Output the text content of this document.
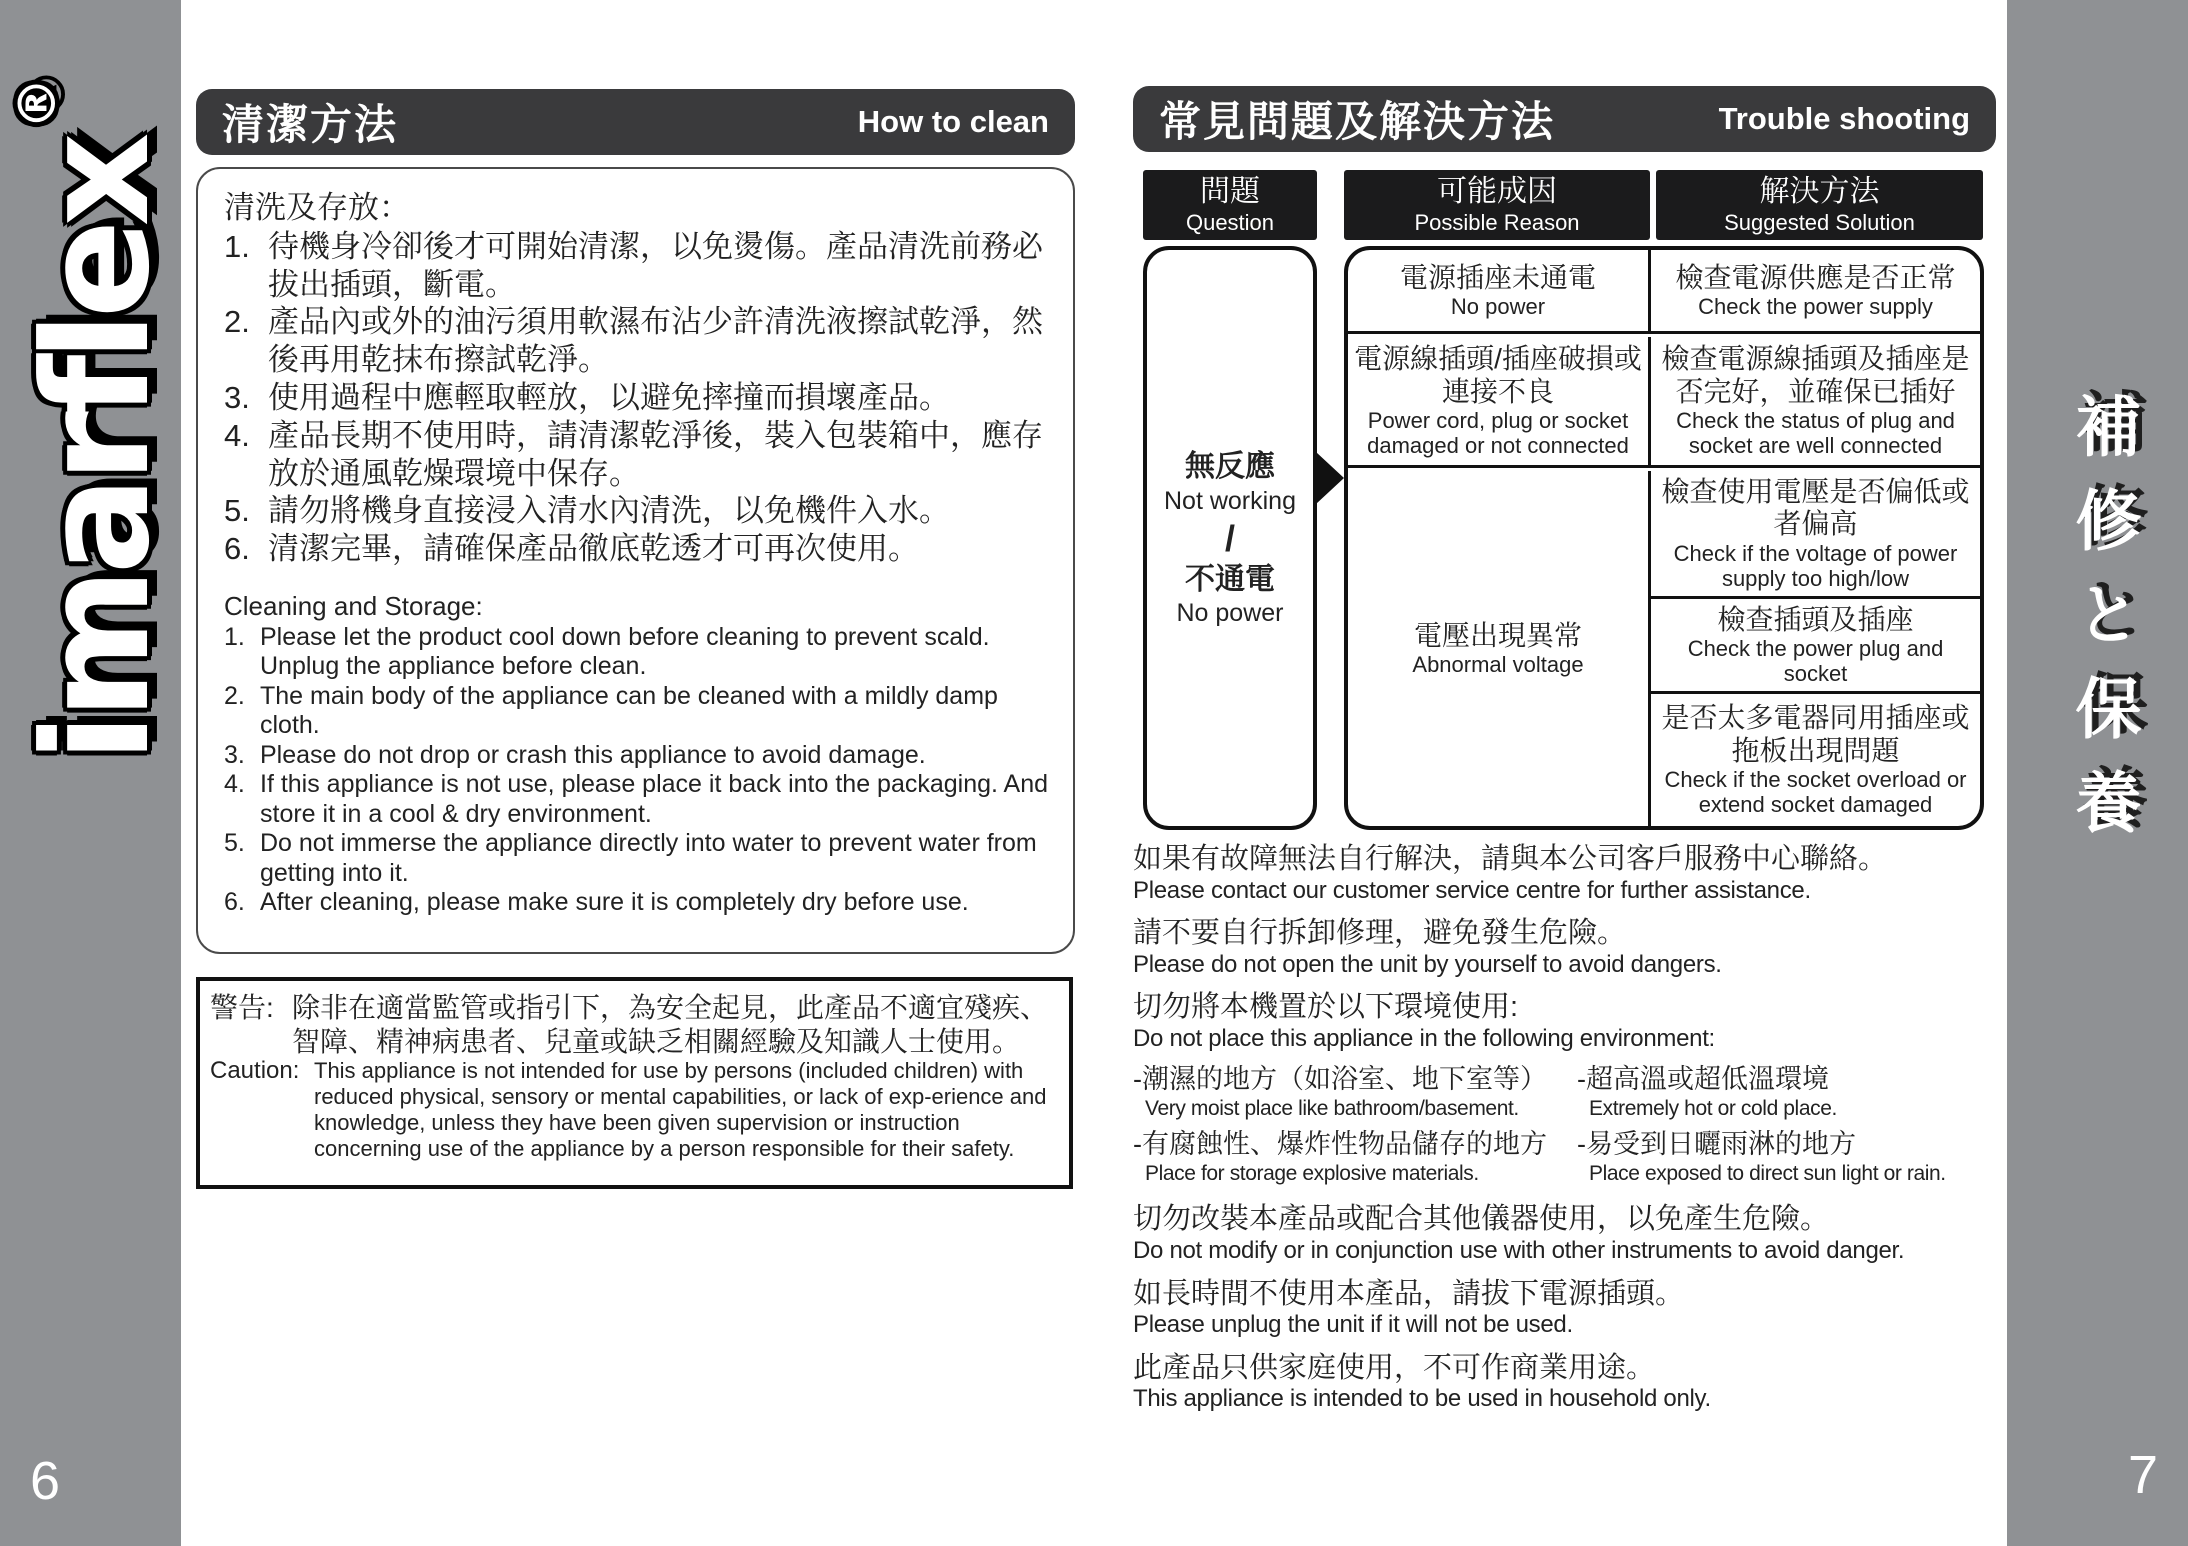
imarflex®
6
補修と保養
7
清潔方法	How to clean
清洗及存放：
1. 待機身冷卻後才可開始清潔，以免燙傷。產品清洗前務必拔出插頭，斷電。
2. 產品內或外的油污須用軟濕布沾少許清洗液擦試乾淨，然後再用乾抹布擦試乾淨。
3. 使用過程中應輕取輕放，以避免摔撞而損壞產品。
4. 產品長期不使用時，請清潔乾淨後，裝入包裝箱中，應存放於通風乾燥環境中保存。
5. 請勿將機身直接浸入清水內清洗，以免機件入水。
6. 清潔完畢，請確保產品徹底乾透才可再次使用。
Cleaning and Storage:
1. Please let the product cool down before cleaning to prevent scald. Unplug the appliance before clean.
2. The main body of the appliance can be cleaned with a mildly damp cloth.
3. Please do not drop or crash this appliance to avoid damage.
4. If this appliance is not use, please place it back into the packaging. And store it in a cool & dry environment.
5. Do not immerse the appliance directly into water to prevent water from getting into it.
6. After cleaning, please make sure it is completely dry before use.
警告: 除非在適當監管或指引下，為安全起見，此產品不適宜殘疾、智障、精神病患者、兒童或缺乏相關經驗及知識人士使用。
Caution: This appliance is not intended for use by persons (included children) with reduced physical, sensory or mental capabilities, or lack of exp-erience and knowledge, unless they have been given supervision or instruction concerning use of the appliance by a person responsible for their safety.
常見問題及解決方法	Trouble shooting
問題
Question
可能成因
Possible Reason
解決方法
Suggested Solution
無反應
Not working
/
不通電
No power
電源插座未通電
No power
檢查電源供應是否正常
Check the power supply
電源線插頭/插座破損或連接不良
Power cord, plug or socket damaged or not connected
檢查電源線插頭及插座是否完好，並確保已插好
Check the status of plug and socket are well connected
電壓出現異常
Abnormal voltage
檢查使用電壓是否偏低或者偏高
Check if the voltage of power supply too high/low
檢查插頭及插座
Check the power plug and socket
是否太多電器同用插座或拖板出現問題
Check if the socket overload or extend socket damaged
如果有故障無法自行解決，請與本公司客戶服務中心聯絡。
Please contact our customer service centre for further assistance.
請不要自行拆卸修理，避免發生危險。
Please do not open the unit by yourself to avoid dangers.
切勿將本機置於以下環境使用:
Do not place this appliance in the following environment:
-潮濕的地方（如浴室、地下室等）
Very moist place like bathroom/basement.
-超高溫或超低溫環境
Extremely hot or cold place.
-有腐蝕性、爆炸性物品儲存的地方
Place for storage explosive materials.
-易受到日曬雨淋的地方
Place exposed to direct sun light or rain.
切勿改裝本產品或配合其他儀器使用，以免產生危險。
Do not modify or in conjunction use with other instruments to avoid danger.
如長時間不使用本產品，請拔下電源插頭。
Please unplug the unit if it will not be used.
此產品只供家庭使用，不可作商業用途。
This appliance is intended to be used in household only.
